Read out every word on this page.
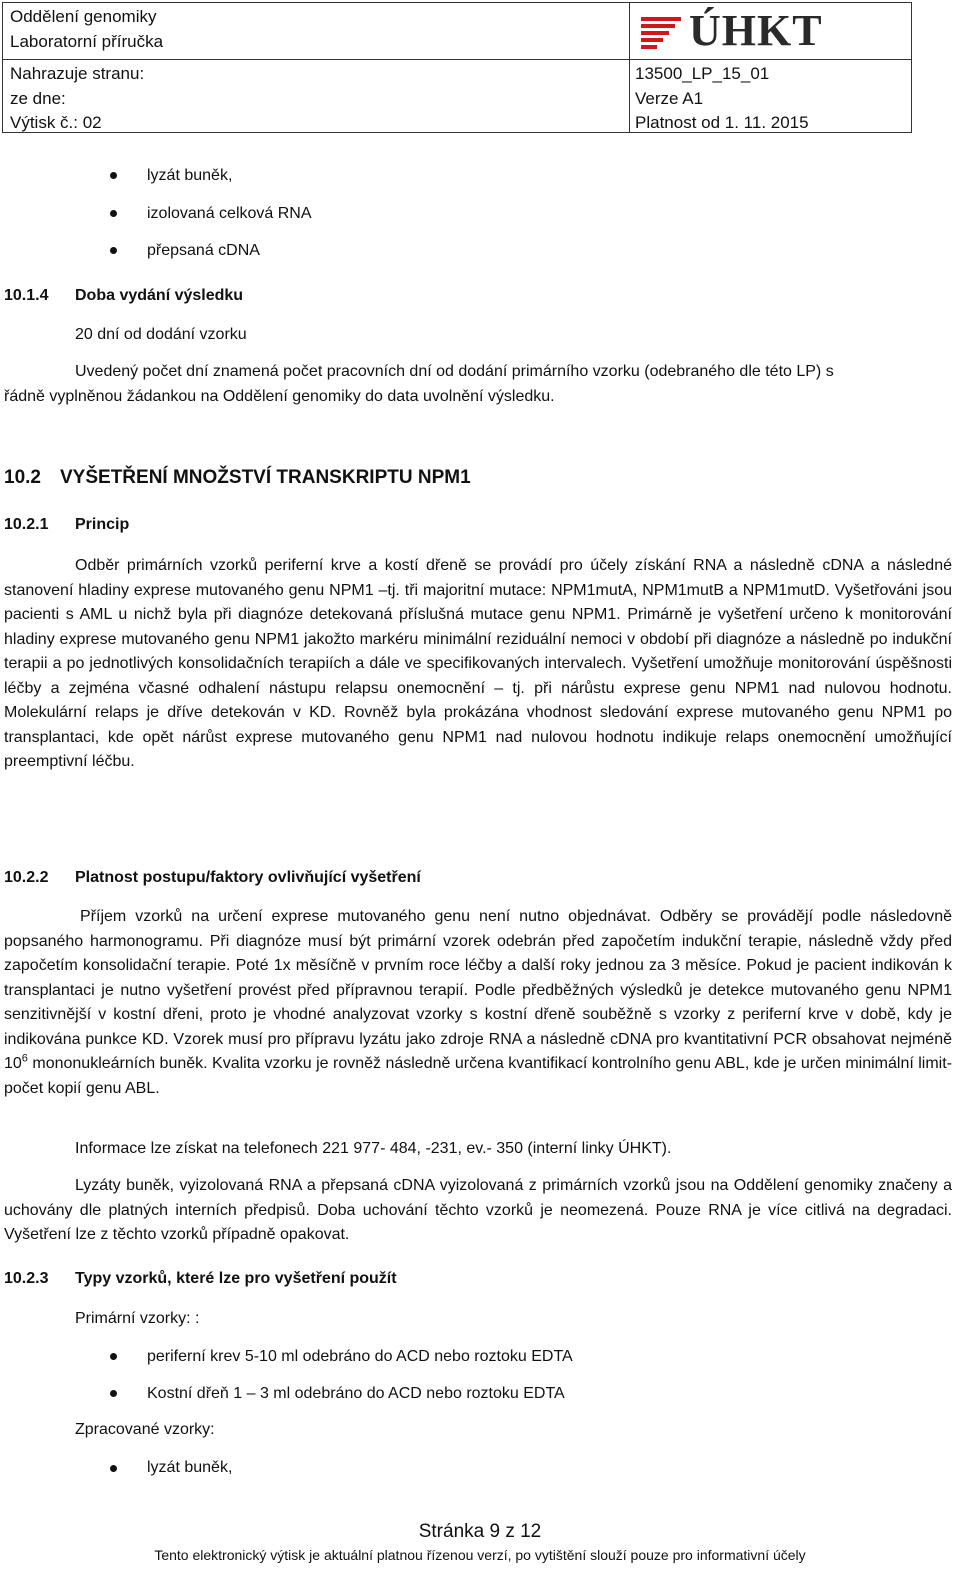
Oddělení genomiky
Laboratorní příručka
Nahrazuje stranu:
ze dne:
Výtisk č.: 02
ÚHKT
13500_LP_15_01
Verze A1
Platnost od 1. 11. 2015
lyzát buněk,
izolovaná celková RNA
přepsaná cDNA
10.1.4 Doba vydání výsledku
20 dní od dodání vzorku
Uvedený počet dní znamená počet pracovních dní od dodání primárního vzorku (odebraného dle této LP) s
řádně vyplněnou žádankou na Oddělení genomiky do data uvolnění výsledku.
10.2 VYŠETŘENÍ MNOŽSTVÍ TRANSKRIPTU NPM1
10.2.1 Princip
Odběr primárních vzorků periferní krve a kostí dřeně se provádí pro účely získání RNA a následně cDNA a následné stanovení hladiny exprese mutovaného genu NPM1 –tj. tři majoritní mutace: NPM1mutA, NPM1mutB a NPM1mutD. Vyšetřováni jsou pacienti s AML u nichž byla při diagnóze detekovaná příslušná mutace genu NPM1. Primárně je vyšetření určeno k monitorování hladiny exprese mutovaného genu NPM1 jakožto markéru minimální reziduální nemoci v období při diagnóze a následně po indukční terapii a po jednotlivých konsolidačních terapiích a dále ve specifikovaných intervalech. Vyšetření umožňuje monitorování úspěšnosti léčby a zejména včasné odhalení nástupu relapsu onemocnění – tj. při nárůstu exprese genu NPM1 nad nulovou hodnotu. Molekulární relaps je dříve detekován v KD. Rovněž byla prokázána vhodnost sledování exprese mutovaného genu NPM1 po transplantaci, kde opět nárůst exprese mutovaného genu NPM1 nad nulovou hodnotu indikuje relaps onemocnění umožňující preemptivní léčbu.
10.2.2 Platnost postupu/faktory ovlivňující vyšetření
Příjem vzorků na určení exprese mutovaného genu není nutno objednávat. Odběry se provádějí podle následovně popsaného harmonogramu. Při diagnóze musí být primární vzorek odebrán před započetím indukční terapie, následně vždy před započetím konsolidační terapie. Poté 1x měsíčně v prvním roce léčby a další roky jednou za 3 měsíce. Pokud je pacient indikován k transplantaci je nutno vyšetření provést před přípravnou terapií. Podle předběžných výsledků je detekce mutovaného genu NPM1 senzitivnější v kostní dřeni, proto je vhodné analyzovat vzorky s kostní dřeně souběžně s vzorky z periferní krve v době, kdy je indikována punkce KD. Vzorek musí pro přípravu lyzátu jako zdroje RNA a následně cDNA pro kvantitativní PCR obsahovat nejméně $10^6$ mononukleárních buněk. Kvalita vzorku je rovněž následně určena kvantifikací kontrolního genu ABL, kde je určen minimální limit-počet kopií genu ABL.
Informace lze získat na telefonech 221 977- 484, -231, ev.- 350 (interní linky ÚHKT).
Lyzáty buněk, vyizolovaná RNA a přepsaná cDNA vyizolovaná z primárních vzorků jsou na Oddělení genomiky značeny a uchovány dle platných interních předpisů. Doba uchování těchto vzorků je neomezená. Pouze RNA je více citlivá na degradaci. Vyšetření lze z těchto vzorků případně opakovat.
10.2.3 Typy vzorků, které lze pro vyšetření použít
Primární vzorky: :
periferní krev 5-10 ml odebráno do ACD nebo roztoku EDTA
Kostní dřeň 1 – 3 ml odebráno do ACD nebo roztoku EDTA
Zpracované vzorky:
lyzát buněk,
Stránka 9 z 12
Tento elektronický výtisk je aktuální platnou řízenou verzí, po vytištění slouží pouze pro informativní účely
